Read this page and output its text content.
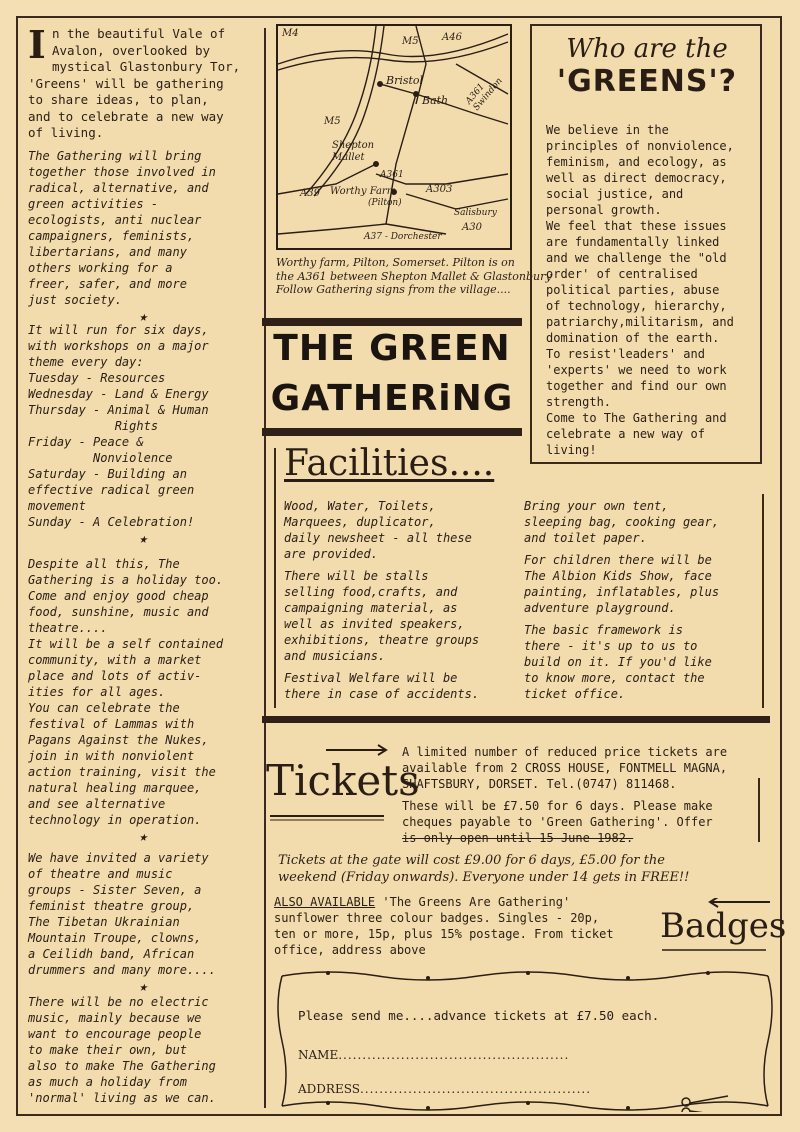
I n the beautiful Vale of
Avalon, overlooked by
mystical Glastonbury Tor,
'Greens' will be gathering
to share ideas, to plan,
and to celebrate a new way
of living.
The Gathering will bring
together those involved in
radical, alternative, and
green activities -
ecologists, anti nuclear
campaigners, feminists,
libertarians, and many
others working for a
freer, safer, and more
just society.
★
It will run for six days,
with workshops on a major
theme every day:
Tuesday - Resources
Wednesday - Land & Energy
Thursday - Animal & Human
Rights
Friday - Peace &
Nonviolence
Saturday - Building an
effective radical green
movement
Sunday - A Celebration!
★
Despite all this, The
Gathering is a holiday too.
Come and enjoy good cheap
food, sunshine, music and
theatre....
It will be a self contained
community, with a market
place and lots of activ-
ities for all ages.
You can celebrate the
festival of Lammas with
Pagans Against the Nukes,
join in with nonviolent
action training, visit the
natural healing marquee,
and see alternative
technology in operation.
★
We have invited a variety
of theatre and music
groups - Sister Seven, a
feminist theatre group,
The Tibetan Ukrainian
Mountain Troupe, clowns,
a Ceilidh band, African
drummers and many more....
★
There will be no electric
music, mainly because we
want to encourage people
to make their own, but
also to make The Gathering
as much a holiday from
'normal' living as we can.
M4
M5 A46
Bristol
Bath A361 Swindon
M5
Shepton
Mallet
A361
A39 Worthy Farm
(Pilton)
A303
Salisbury
A30
A37 - Dorchester
Worthy farm, Pilton, Somerset. Pilton is on
the A361 between Shepton Mallet & Glastonbury
Follow Gathering signs from the village....
THE GREEN
GATHERiNG
Who are the
'GREENS'?
We believe in the
principles of nonviolence,
feminism, and ecology, as
well as direct democracy,
social justice, and
personal growth.
We feel that these issues
are fundamentally linked
and we challenge the "old
order' of centralised
political parties, abuse
of technology, hierarchy,
patriarchy,militarism, and
domination of the earth.
To resist'leaders' and
'experts' we need to work
together and find our own
strength.
Come to The Gathering and
celebrate a new way of
living!
Facilities....
Wood, Water, Toilets,
Marquees, duplicator,
daily newsheet - all these
are provided.
There will be stalls
selling food,crafts, and
campaigning material, as
well as invited speakers,
exhibitions, theatre groups
and musicians.
Festival Welfare will be
there in case of accidents.
Bring your own tent,
sleeping bag, cooking gear,
and toilet paper.
For children there will be
The Albion Kids Show, face
painting, inflatables, plus
adventure playground.
The basic framework is
there - it's up to us to
build on it. If you'd like
to know more, contact the
ticket office.
Tickets
A limited number of reduced price tickets are
available from 2 CROSS HOUSE, FONTMELL MAGNA,
SHAFTSBURY, DORSET. Tel.(0747) 811468.
These will be £7.50 for 6 days. Please make
cheques payable to 'Green Gathering'. Offer
is only open until 15 June 1982.
Tickets at the gate will cost £9.00 for 6 days, £5.00 for the
weekend (Friday onwards). Everyone under 14 gets in FREE!!
ALSO AVAILABLE 'The Greens Are Gathering'
sunflower three colour badges. Singles - 20p,
ten or more, 15p, plus 15% postage. From ticket
office, address above
Badges
Please send me....advance tickets at £7.50 each.
NAME................................................
ADDRESS................................................
